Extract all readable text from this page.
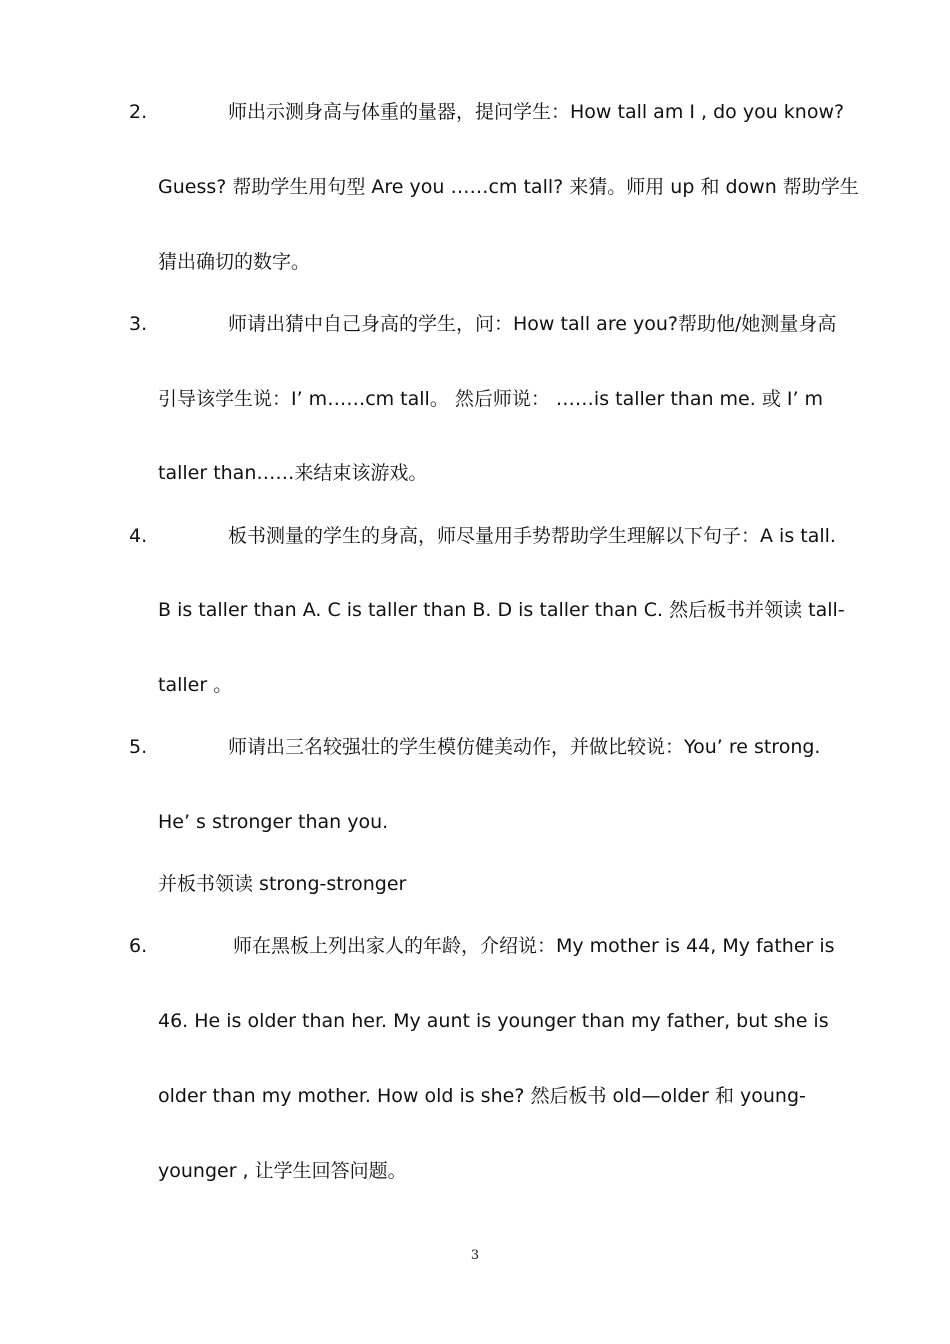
2.	师出示测身高与体重的量器，提问学生：How tall am I , do you know?
Guess? 帮助学生用句型 Are you ……cm tall? 来猜。师用 up 和 down 帮助学生
猜出确切的数字。
3.	师请出猜中自己身高的学生，问：How tall are you?帮助他/她测量身高
引导该学生说：I’ m……cm tall。 然后师说： ……is taller than me. 或 I’ m
taller than……来结束该游戏。
4.	板书测量的学生的身高，师尽量用手势帮助学生理解以下句子：A is tall.
B is taller than A. C is taller than B. D is taller than C. 然后板书并领读 tall-
taller 。
5.	师请出三名较强壮的学生模仿健美动作，并做比较说：You’ re strong.
He’ s stronger than you.
并板书领读 strong-stronger
6.	师在黑板上列出家人的年龄，介绍说：My mother is 44, My father is
46. He is older than her. My aunt is younger than my father, but she is
older than my mother. How old is she? 然后板书 old—older 和 young-
younger , 让学生回答问题。
3
